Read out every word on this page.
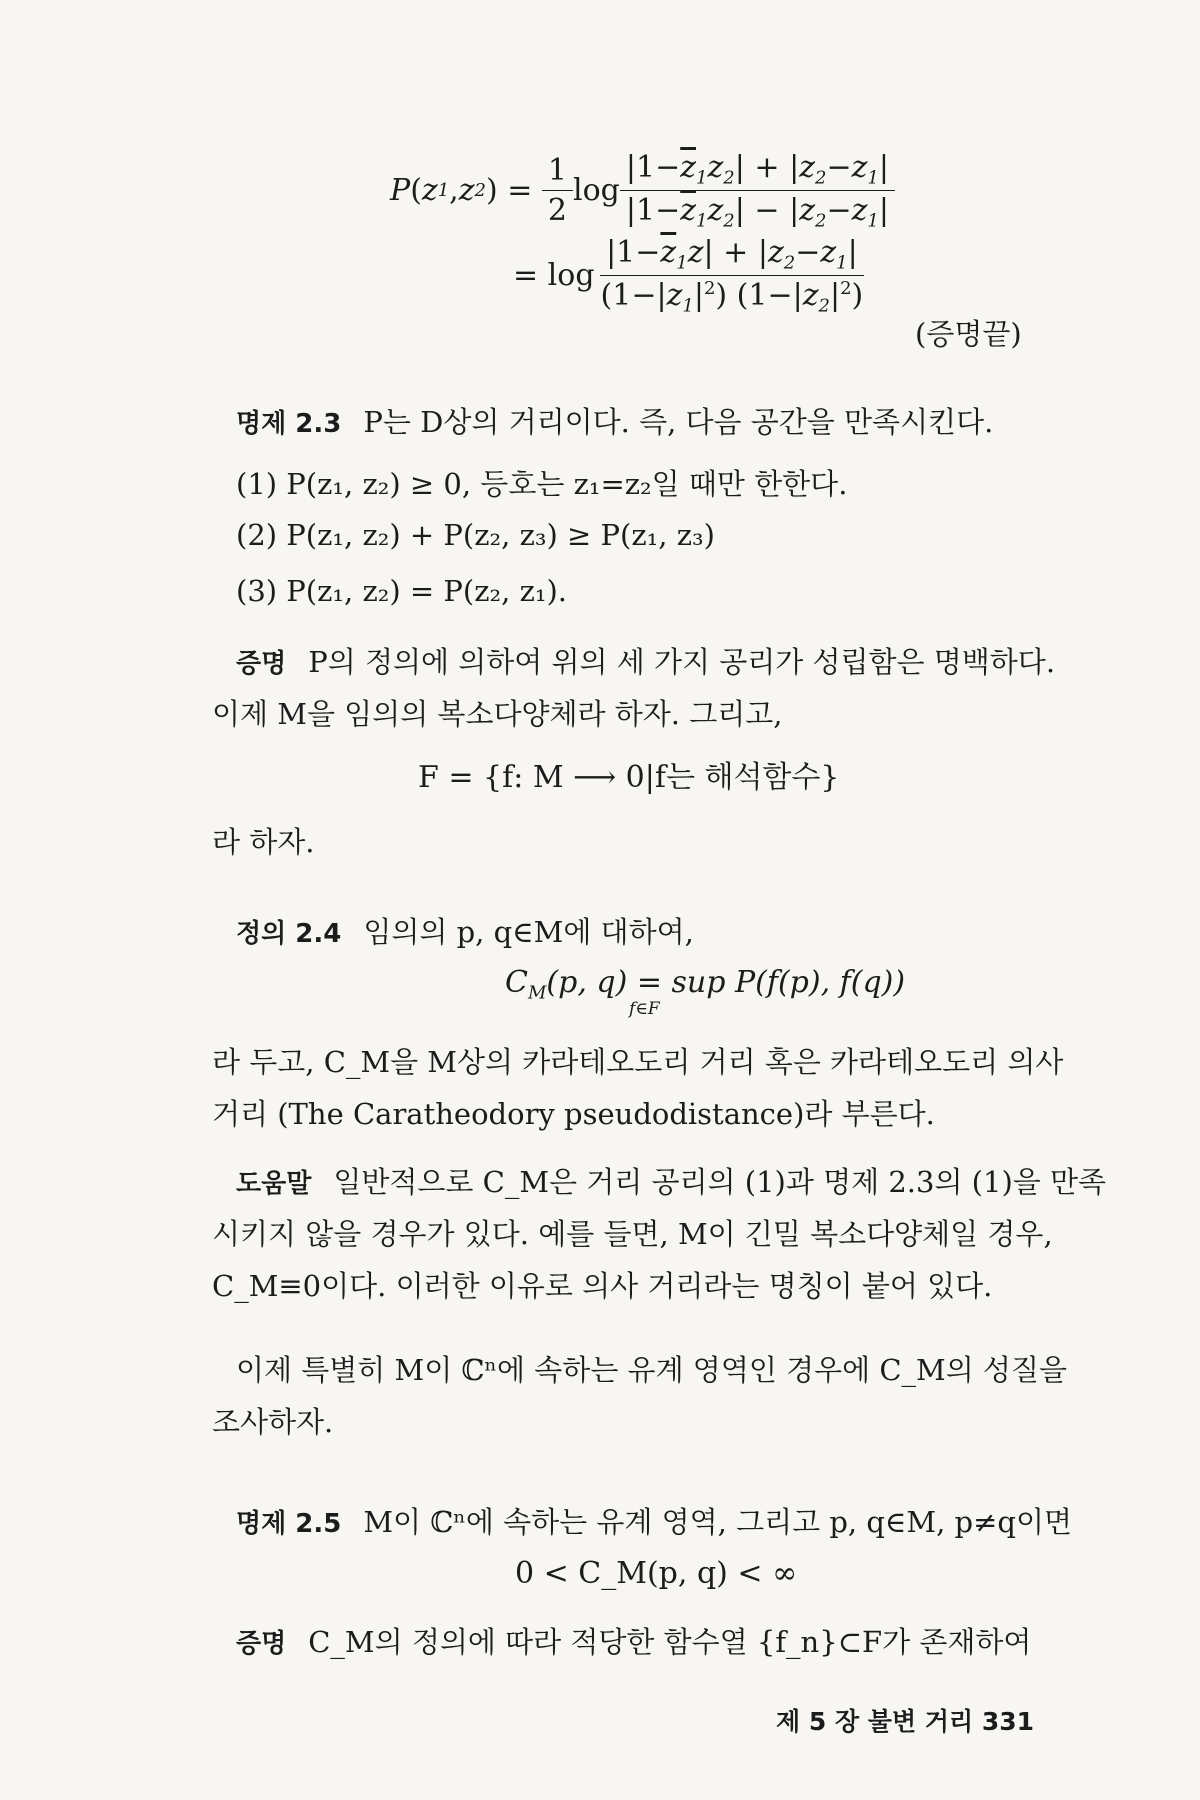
P ( z 1 , z 2 ) = $\frac{1}{2}$ $\log \frac{|1-\overline{z}_1z_2| + |z_2-z_1|}{|1-\overline{z}_1z_2| - |z_2-z_1|}$
= $\log \frac{|1-\overline{z}_1z| + |z_2-z_1|}{(1-|z_1|^2) (1-|z_2|^2)}$
(증명끝)
명제 2.3 P는 D상의 거리이다. 즉, 다음 공간을 만족시킨다.
(1) P(z₁, z₂) ≥ 0, 등호는 z₁=z₂일 때만 한한다.
(2) P(z₁, z₂) + P(z₂, z₃) ≥ P(z₁, z₃)
(3) P(z₁, z₂) = P(z₂, z₁).
증명 P의 정의에 의하여 위의 세 가지 공리가 성립함은 명백하다.
이제 M을 임의의 복소다양체라 하자. 그리고,
F = {f: M ⟶ 0|f는 해석함수}
라 하자.
정의 2.4 임의의 p, q∈M에 대하여,
$C_M(p$, q) = sup P(f(p), f(q))
f∈F
라 두고, C_M을 M상의 카라테오도리 거리 혹은 카라테오도리 의사
거리 (The Caratheodory pseudodistance)라 부른다.
도움말 일반적으로 C_M은 거리 공리의 (1)과 명제 2.3의 (1)을 만족
시키지 않을 경우가 있다. 예를 들면, M이 긴밀 복소다양체일 경우,
C_M≡0이다. 이러한 이유로 의사 거리라는 명칭이 붙어 있다.
이제 특별히 M이 ℂⁿ에 속하는 유계 영역인 경우에 C_M의 성질을
조사하자.
명제 2.5 M이 ℂⁿ에 속하는 유계 영역, 그리고 p, q∈M, p≠q이면
0 < C_M(p, q) < ∞
증명 C_M의 정의에 따라 적당한 함수열 {f_n}⊂F가 존재하여
제 5 장 불변 거리 331
